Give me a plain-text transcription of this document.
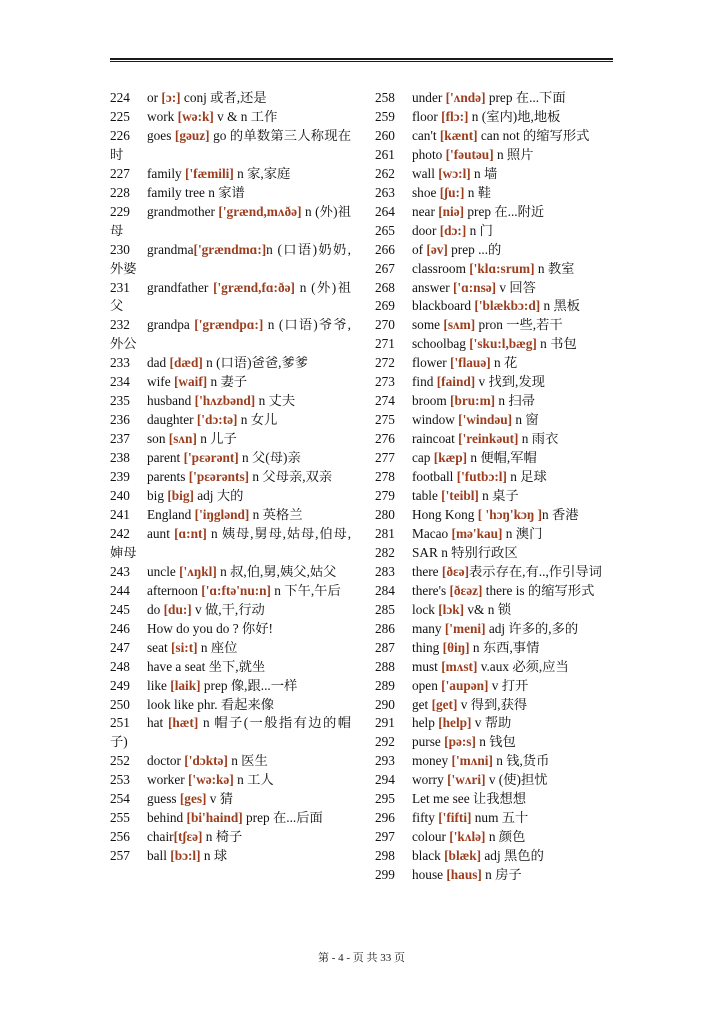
224 or [ɔ:] conj 或者,还是
225 work [wə:k] v & n 工作
226 goes [gəuz] go 的单数第三人称现在时
227 family ['fæmili] n 家,家庭
228 family tree n 家谱
229 grandmother ['grænd,mʌðə] n (外)祖母
230 grandma['grændmɑ:]n (口语)奶奶,外婆
231 grandfather ['grænd,fɑ:ðə] n (外)祖父
232 grandpa ['grændpɑ:] n (口语)爷爷,外公
233 dad [dæd] n (口语)爸爸,爹爹
234 wife [waif] n 妻子
235 husband ['hʌzbənd] n 丈夫
236 daughter ['dɔ:tə] n 女儿
237 son [sʌn] n 儿子
238 parent ['pεərənt] n 父(母)亲
239 parents ['pεərənts] n 父母亲,双亲
240 big [big] adj 大的
241 England ['iŋglənd] n 英格兰
242 aunt [ɑ:nt] n 姨母,舅母,姑母,伯母,婶母
243 uncle ['ʌŋkl] n 叔,伯,舅,姨父,姑父
244 afternoon ['ɑ:ftə'nu:n] n 下午,午后
245 do [du:] v 做,干,行动
246 How do you do ? 你好!
247 seat [si:t] n 座位
248 have a seat 坐下,就坐
249 like [laik] prep 像,跟...一样
250 look like phr. 看起来像
251 hat [hæt] n 帽子(一般指有边的帽子)
252 doctor ['dɔktə] n 医生
253 worker ['wə:kə] n 工人
254 guess [ges] v 猜
255 behind [bi'haind] prep 在...后面
256 chair[tʃεə] n 椅子
257 ball [bɔ:l] n 球
258 under ['ʌndə] prep 在...下面
259 floor [flɔ:] n (室内)地,地板
260 can't [kænt] can not 的缩写形式
261 photo ['fəutəu] n 照片
262 wall [wɔ:l] n 墙
263 shoe [ʃu:] n 鞋
264 near [niə] prep 在...附近
265 door [dɔ:] n 门
266 of [əv] prep ...的
267 classroom ['klɑ:srum] n 教室
268 answer ['ɑ:nsə] v 回答
269 blackboard ['blækbɔ:d] n 黑板
270 some [sʌm] pron 一些,若干
271 schoolbag ['sku:l,bæg] n 书包
272 flower ['flauə] n 花
273 find [faind] v 找到,发现
274 broom [bru:m] n 扫帚
275 window ['windəu] n 窗
276 raincoat ['reinkəut] n 雨衣
277 cap [kæp] n 便帽,军帽
278 football ['futbɔ:l] n 足球
279 table ['teibl] n 桌子
280 Hong Kong [ 'hɔŋ'kɔŋ ]n 香港
281 Macao [mə'kau] n 澳门
282 SAR n 特别行政区
283 there [ðεə]表示存在,有..,作引导词
284 there's [ðεəz] there is 的缩写形式
285 lock [lɔk] v& n 锁
286 many ['meni] adj 许多的,多的
287 thing [θiŋ] n 东西,事情
288 must [mʌst] v.aux 必须,应当
289 open ['aupən] v 打开
290 get [get] v 得到,获得
291 help [help] v 帮助
292 purse [pə:s] n 钱包
293 money ['mʌni] n 钱,货币
294 worry ['wʌri] v (使)担忧
295 Let me see 让我想想
296 fifty ['fifti] num 五十
297 colour ['kʌlə] n 颜色
298 black [blæk] adj 黑色的
299 house [haus] n 房子
第 - 4 - 页 共 33 页
